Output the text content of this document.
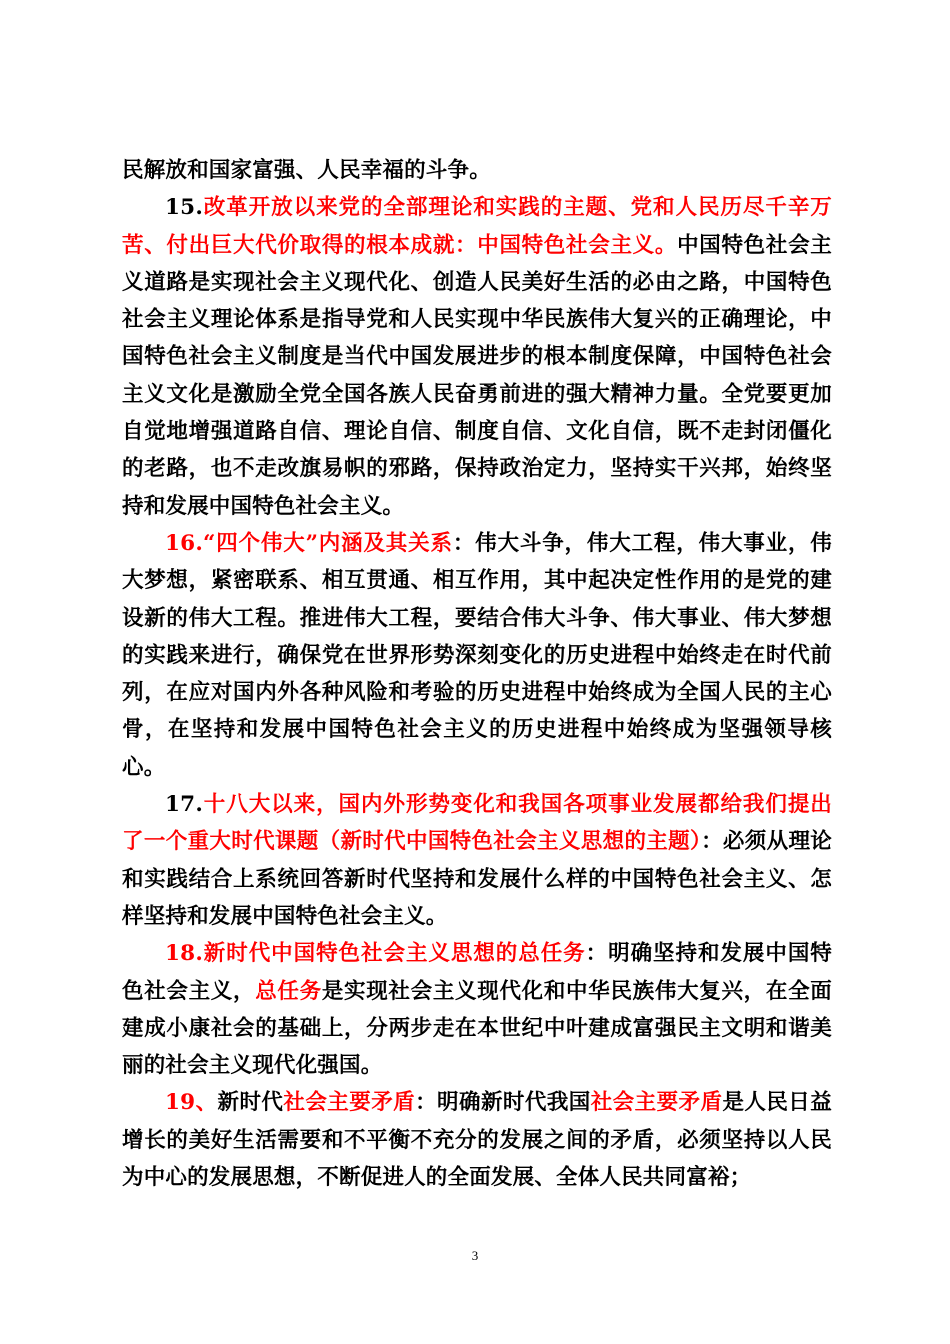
民解放和国家富强、人民幸福的斗争。

15.改革开放以来党的全部理论和实践的主题、党和人民历尽千辛万苦、付出巨大代价取得的根本成就：中国特色社会主义。中国特色社会主义道路是实现社会主义现代化、创造人民美好生活的必由之路，中国特色社会主义理论体系是指导党和人民实现中华民族伟大复兴的正确理论，中国特色社会主义制度是当代中国发展进步的根本制度保障，中国特色社会主义文化是激励全党全国各族人民奋勇前进的强大精神力量。全党要更加自觉地增强道路自信、理论自信、制度自信、文化自信，既不走封闭僵化的老路，也不走改旗易帜的邪路，保持政治定力，坚持实干兴邦，始终坚持和发展中国特色社会主义。

16.“四个伟大”内涵及其关系：伟大斗争，伟大工程，伟大事业，伟大梦想，紧密联系、相互贯通、相互作用，其中起决定性作用的是党的建设新的伟大工程。推进伟大工程，要结合伟大斗争、伟大事业、伟大梦想的实践来进行，确保党在世界形势深刻变化的历史进程中始终走在时代前列，在应对国内外各种风险和考验的历史进程中始终成为全国人民的主心骨，在坚持和发展中国特色社会主义的历史进程中始终成为坚强领导核心。

17.十八大以来，国内外形势变化和我国各项事业发展都给我们提出了一个重大时代课题（新时代中国特色社会主义思想的主题）：必须从理论和实践结合上系统回答新时代坚持和发展什么样的中国特色社会主义、怎样坚持和发展中国特色社会主义。

18.新时代中国特色社会主义思想的总任务：明确坚持和发展中国特色社会主义，总任务是实现社会主义现代化和中华民族伟大复兴，在全面建成小康社会的基础上，分两步走在本世纪中叶建成富强民主文明和谐美丽的社会主义现代化强国。

19、新时代社会主要矛盾：明确新时代我国社会主要矛盾是人民日益增长的美好生活需要和不平衡不充分的发展之间的矛盾，必须坚持以人民为中心的发展思想，不断促进人的全面发展、全体人民共同富裕；

3
